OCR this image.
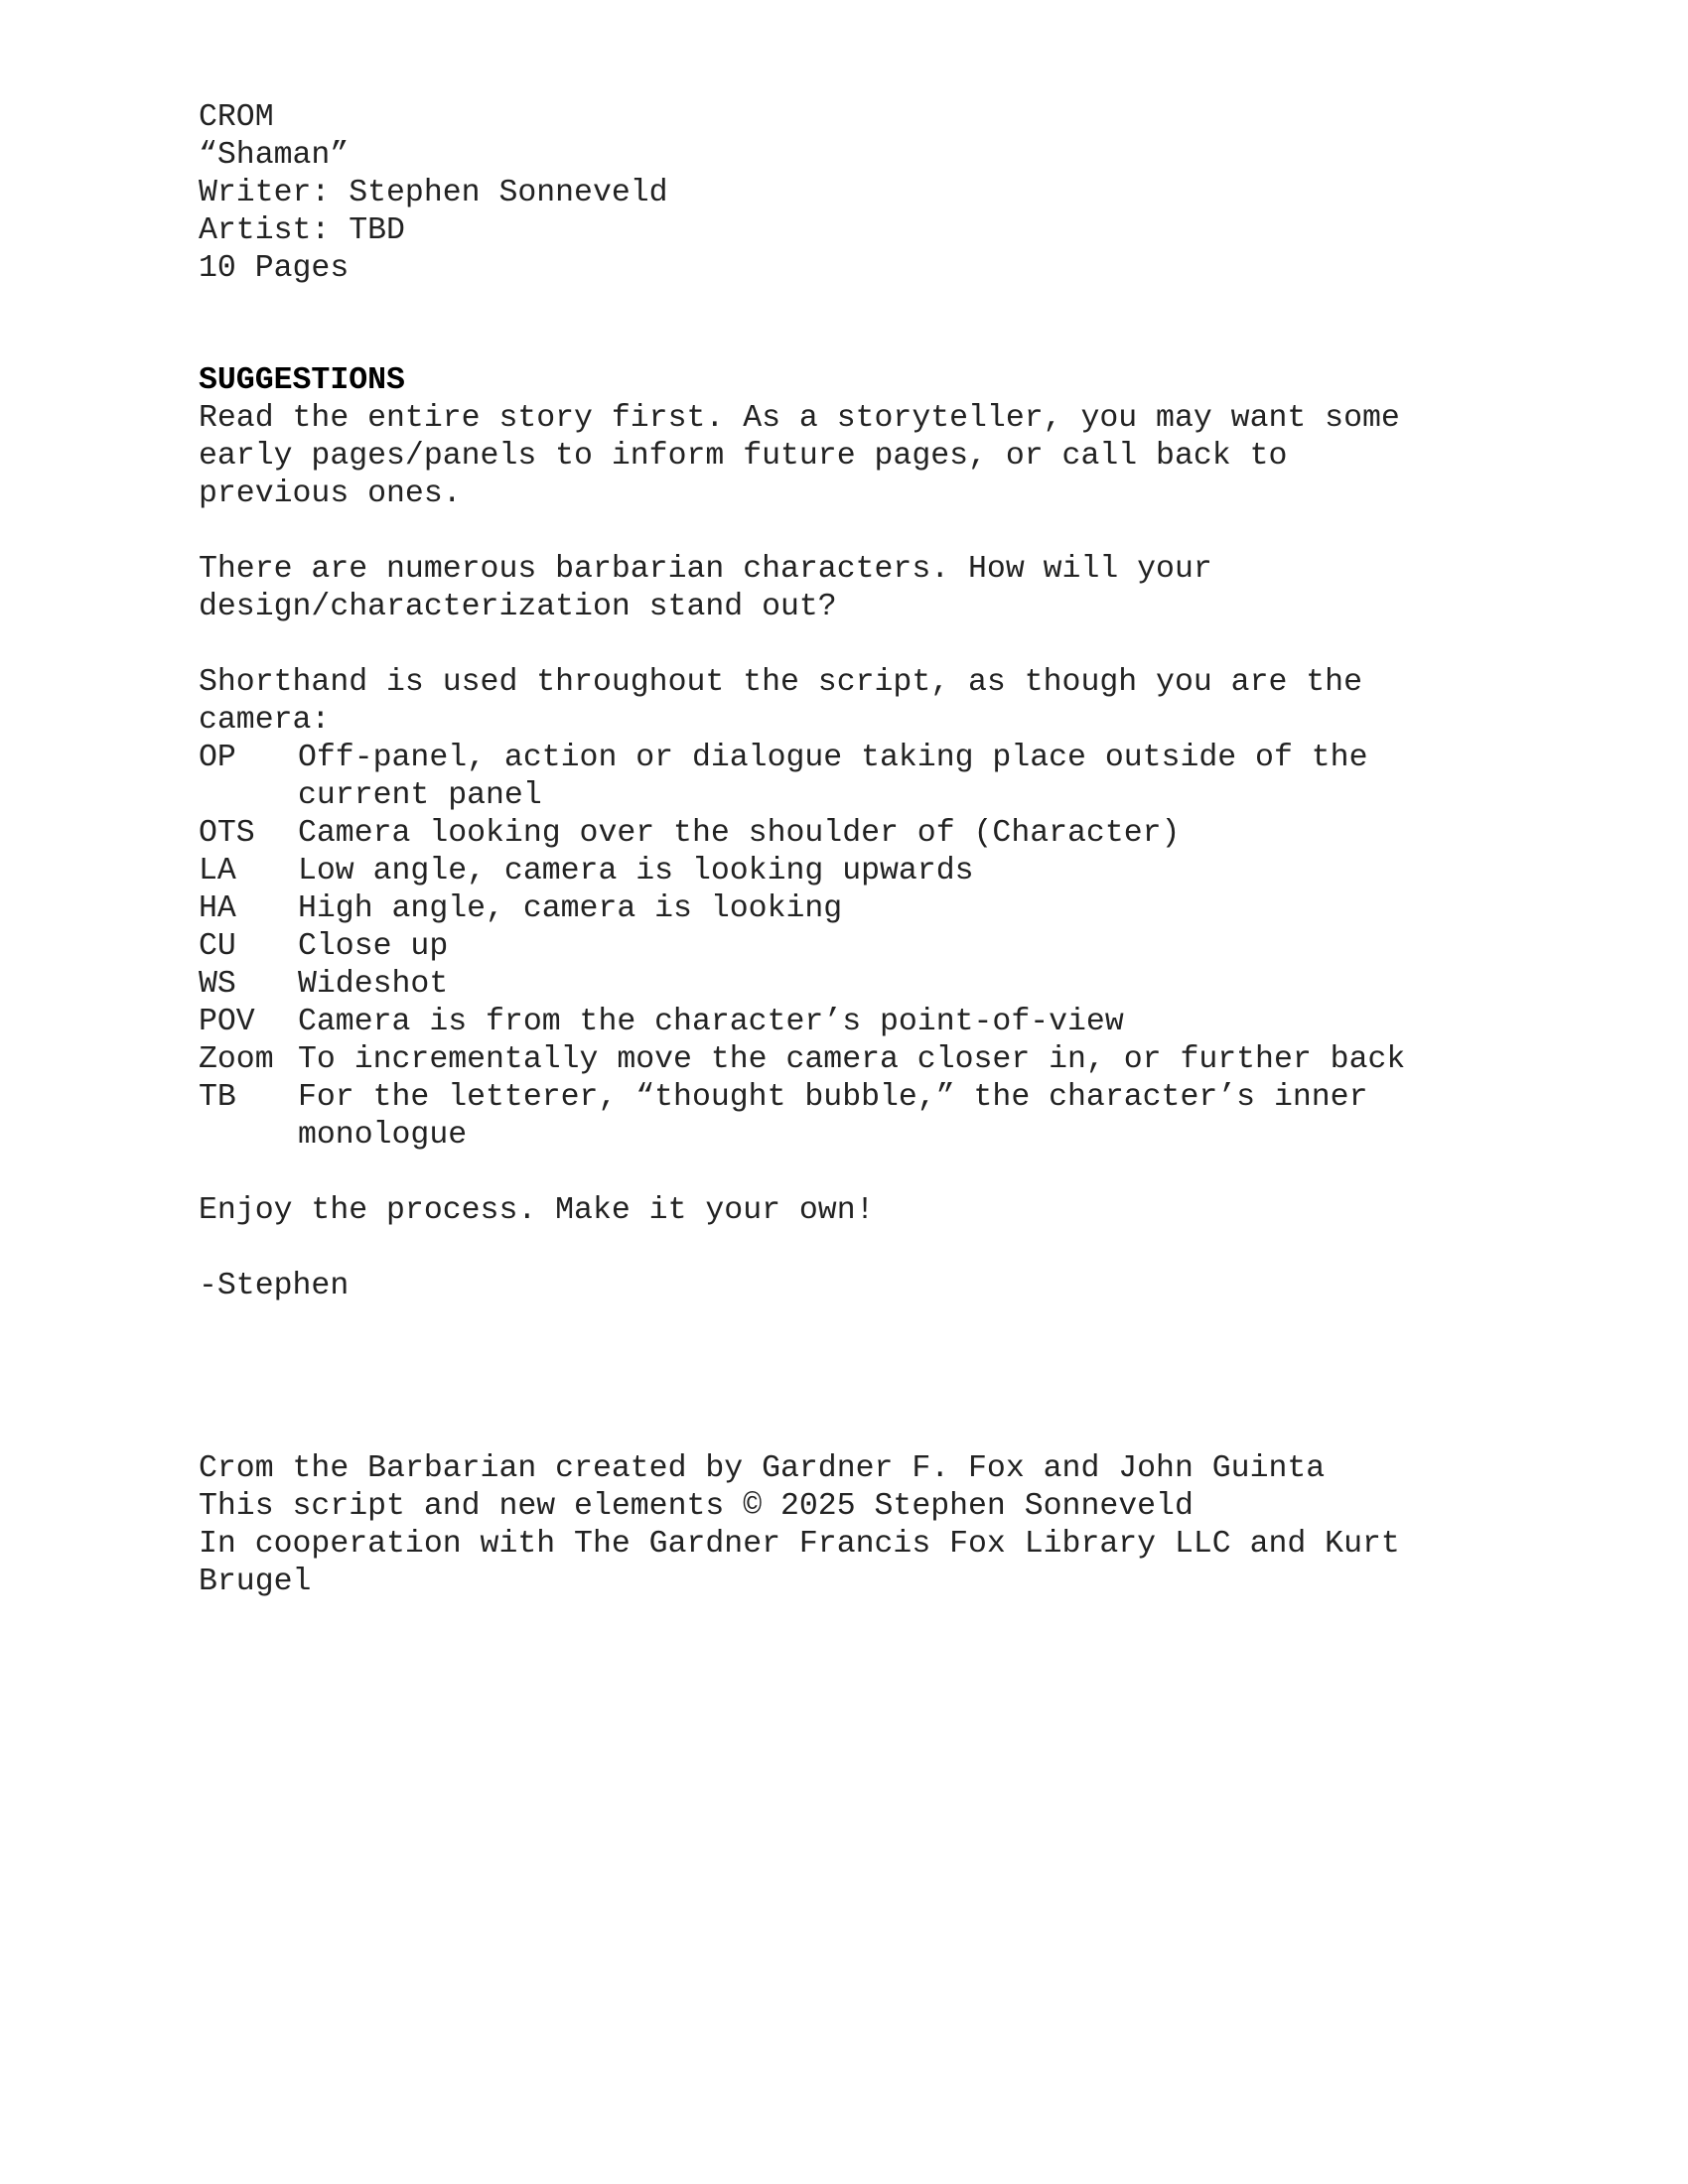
CROM
“Shaman”
Writer: Stephen Sonneveld
Artist: TBD
10 Pages
SUGGESTIONS
Read the entire story first. As a storyteller, you may want some
early pages/panels to inform future pages, or call back to
previous ones.
There are numerous barbarian characters. How will your
design/characterization stand out?
Shorthand is used throughout the script, as though you are the
camera:
OP	Off-panel, action or dialogue taking place outside of the current panel
OTS	Camera looking over the shoulder of (Character)
LA	Low angle, camera is looking upwards
HA	High angle, camera is looking
CU	Close up
WS	Wideshot
POV	Camera is from the character’s point-of-view
Zoom To incrementally move the camera closer in, or further back
TB	For the letterer, “thought bubble,” the character’s inner monologue
Enjoy the process. Make it your own!
-Stephen
Crom the Barbarian created by Gardner F. Fox and John Guinta
This script and new elements © 2025 Stephen Sonneveld
In cooperation with The Gardner Francis Fox Library LLC and Kurt
Brugel
